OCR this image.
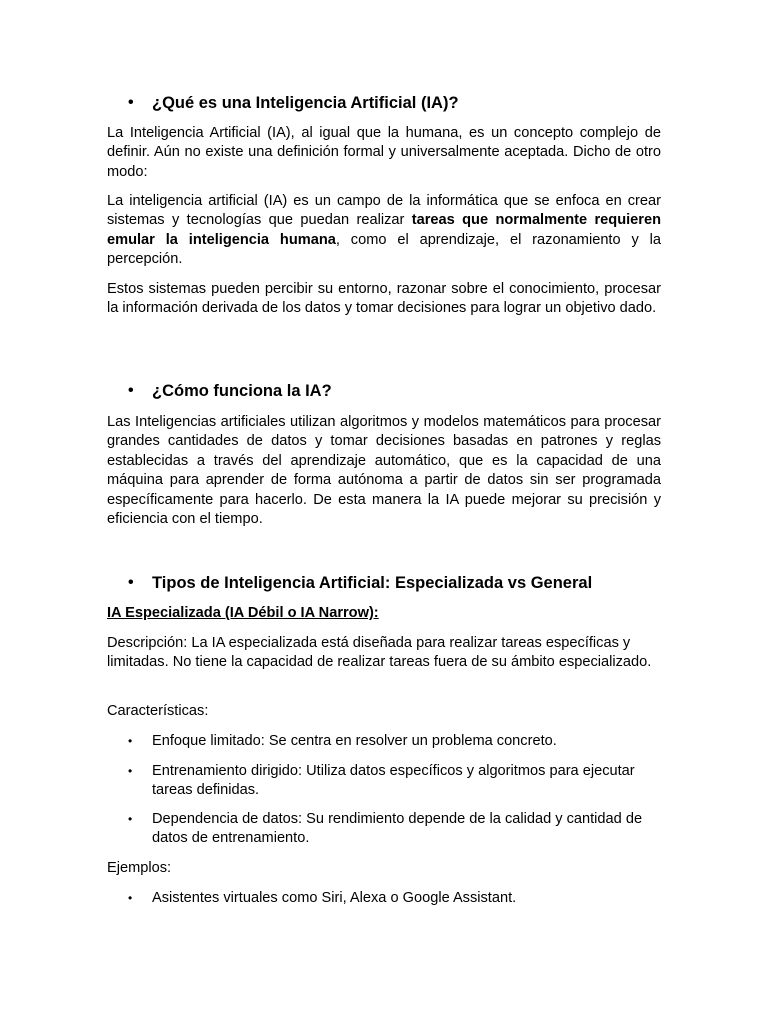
• ¿Qué es una Inteligencia Artificial (IA)?
La Inteligencia Artificial (IA), al igual que la humana, es un concepto complejo de definir. Aún no existe una definición formal y universalmente aceptada. Dicho de otro modo:
La inteligencia artificial (IA) es un campo de la informática que se enfoca en crear sistemas y tecnologías que puedan realizar tareas que normalmente requieren emular la inteligencia humana, como el aprendizaje, el razonamiento y la percepción.
Estos sistemas pueden percibir su entorno, razonar sobre el conocimiento, procesar la información derivada de los datos y tomar decisiones para lograr un objetivo dado.
• ¿Cómo funciona la IA?
Las Inteligencias artificiales utilizan algoritmos y modelos matemáticos para procesar grandes cantidades de datos y tomar decisiones basadas en patrones y reglas establecidas a través del aprendizaje automático, que es la capacidad de una máquina para aprender de forma autónoma a partir de datos sin ser programada específicamente para hacerlo. De esta manera la IA puede mejorar su precisión y eficiencia con el tiempo.
• Tipos de Inteligencia Artificial: Especializada vs General
IA Especializada (IA Débil o IA Narrow):
Descripción: La IA especializada está diseñada para realizar tareas específicas y limitadas. No tiene la capacidad de realizar tareas fuera de su ámbito especializado.
Características:
• Enfoque limitado: Se centra en resolver un problema concreto.
• Entrenamiento dirigido: Utiliza datos específicos y algoritmos para ejecutar tareas definidas.
• Dependencia de datos: Su rendimiento depende de la calidad y cantidad de datos de entrenamiento.
Ejemplos:
• Asistentes virtuales como Siri, Alexa o Google Assistant.
